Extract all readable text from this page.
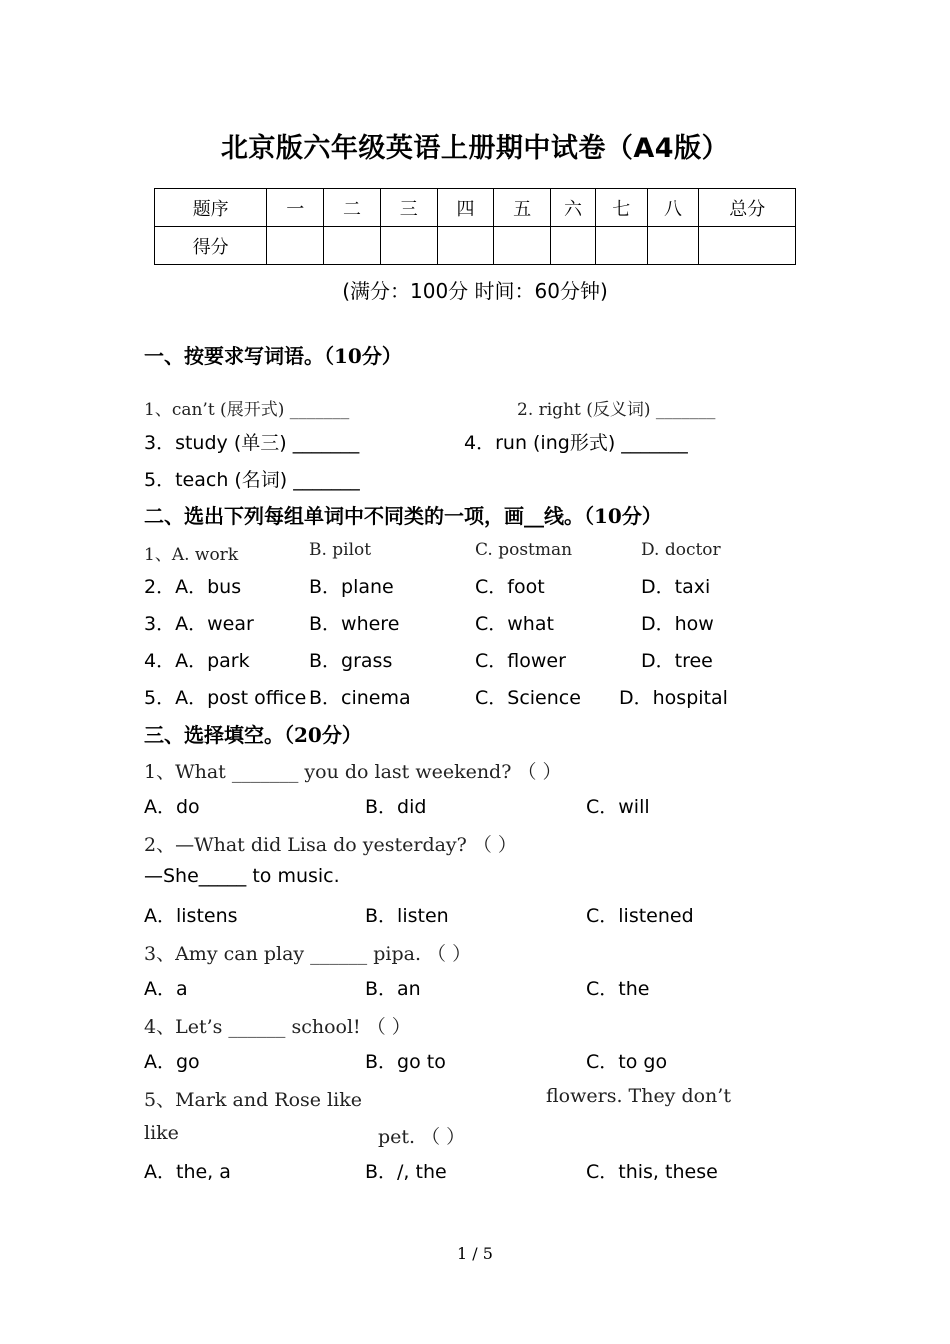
北京版六年级英语上册期中试卷（A4版）
题序	一	二	三	四	五	六	七	八	总分
得分									
(满分：100分 时间：60分钟)
一、按要求写词语。（10分）
1、can’t (展开式) _______	2. right (反义词) _______
3．study (单三) _______	4．run (ing形式) _______
5．teach (名词) _______
二、选出下列每组单词中不同类的一项，画__线。（10分）
1、A. work	B. pilot	C. postman	D. doctor
2．A．bus	B．plane	C．foot	D．taxi
3．A．wear	B．where	C．what	D．how
4．A．park	B．grass	C．flower	D．tree
5．A．post office B．cinema	C．Science D．hospital
三、选择填空。（20分）
1、What _______ you do last weekend? （ ）
A．do	B．did	C．will
2、—What did Lisa do yesterday? （ ）
—She_____ to music.
A．listens	B．listen	C．listened
3、Amy can play ______ pipa. （ ）
A．a	B．an	C．the
4、Let’s ______ school! （ ）
A．go	B．go to	C．to go
5、Mark and Rose like	flowers. They don’t
like	pet. （ ）
A．the, a	B．/, the	C．this, these
1 / 5
